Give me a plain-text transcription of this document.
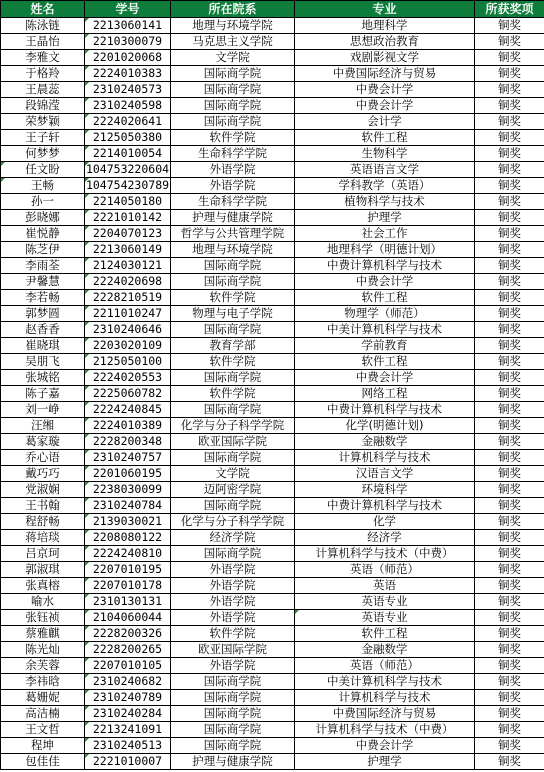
姓名	学号	所在院系	专业	所获奖项
陈泳链	2213060141	地理与环境学院	地理科学	铜奖
王晶怡	2210300079	马克思主义学院	思想政治教育	铜奖
李雅文	2201020068	文学院	戏剧影视文学	铜奖
于格羚	2224010383	国际商学院	中费国际经济与贸易	铜奖
王晨蕊	2310240573	国际商学院	中费会计学	铜奖
段锦滢	2310240598	国际商学院	中费会计学	铜奖
荣梦颖	2224020641	国际商学院	会计学	铜奖
王子轩	2125050380	软件学院	软件工程	铜奖
何梦梦	2214010054	生命科学学院	生物科学	铜奖
任文盼	104753220604	外语学院	英语语言文学	铜奖
王畅	104754230789	外语学院	学科教学（英语）	铜奖
孙一	2214050180	生命科学学院	植物科学与技术	铜奖
彭晓娜	2221010142	护理与健康学院	护理学	铜奖
崔悦静	2204070123	哲学与公共管理学院	社会工作	铜奖
陈芝伊	2213060149	地理与环境学院	地理科学（明德计划）	铜奖
李雨荃	2124030121	国际商学院	中费计算机科学与技术	铜奖
尹馨慧	2224020698	国际商学院	中费会计学	铜奖
李若畅	2228210519	软件学院	软件工程	铜奖
郭梦圆	2211010247	物理与电子学院	物理学（师范）	铜奖
赵香香	2310240646	国际商学院	中美计算机科学与技术	铜奖
崔晓琪	2203020109	教育学部	学前教育	铜奖
吴朋飞	2125050100	软件学院	软件工程	铜奖
张城铭	2224020553	国际商学院	中费会计学	铜奖
陈子嘉	2225060782	软件学院	网络工程	铜奖
刘一峥	2224240845	国际商学院	中费计算机科学与技术	铜奖
汪缃	2224010389	化学与分子科学学院	化学(明德计划)	铜奖
葛家璇	2228200348	欧亚国际学院	金融数学	铜奖
乔心语	2310240757	国际商学院	计算机科学与技术	铜奖
戴巧巧	2201060195	文学院	汉语言文学	铜奖
党淑娴	2238030099	迈阿密学院	环境科学	铜奖
王书翰	2310240784	国际商学院	中费计算机科学与技术	铜奖
程舒畅	2139030021	化学与分子科学学院	化学	铜奖
蒋培琰	2208080122	经济学院	经济学	铜奖
吕京珂	2224240810	国际商学院	计算机科学与技术（中费）	铜奖
郭淑琪	2207010195	外语学院	英语（师范）	铜奖
张真榕	2207010178	外语学院	英语	铜奖
喻水	2310130131	外语学院	英语专业	铜奖
张钰祯	2104060044	外语学院	英语专业	铜奖
蔡雅麒	2228200326	软件学院	软件工程	铜奖
陈光灿	2228200265	欧亚国际学院	金融数学	铜奖
余芙蓉	2207010105	外语学院	英语（师范）	铜奖
李祎晗	2310240682	国际商学院	中美计算机科学与技术	铜奖
葛姗妮	2310240789	国际商学院	计算机科学与技术	铜奖
高洁楠	2310240284	国际商学院	中费国际经济与贸易	铜奖
王文哲	2213241091	国际商学院	计算机科学与技术（中费）	铜奖
程坤	2310240513	国际商学院	中费会计学	铜奖
包佳佳	2221010007	护理与健康学院	护理学	铜奖
